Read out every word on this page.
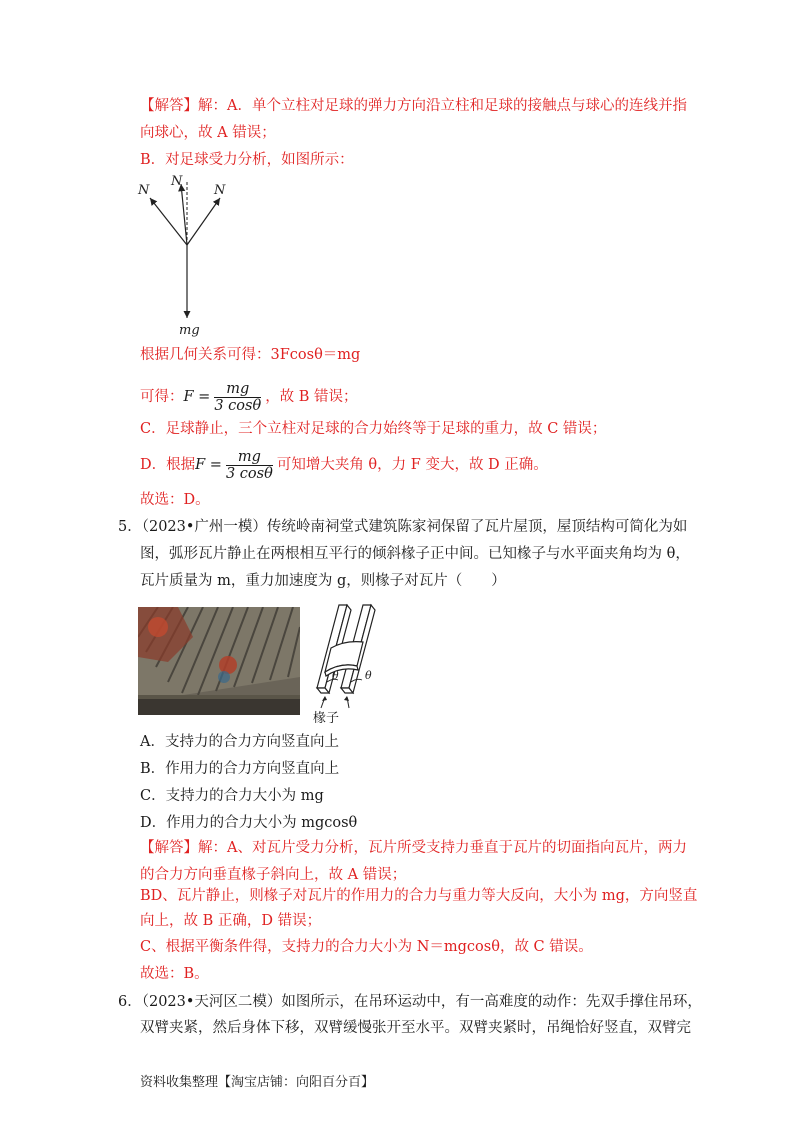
【解答】解：A．单个立柱对足球的弹力方向沿立柱和足球的接触点与球心的连线并指
向球心，故 A 错误；
B．对足球受力分析，如图所示：
N
N
N
mg
根据几何关系可得：3Fcosθ＝mg
可得：$F = \frac{mg}{3 \cos\theta}$ ，故 B 错误；
C．足球静止，三个立柱对足球的合力始终等于足球的重力，故 C 错误；
D．根据$F = \frac{mg}{3 \cos\theta}$ 可知增大夹角 θ，力 F 变大，故 D 正确。
故选：D。
5．（2023•广州一模）传统岭南祠堂式建筑陈家祠保留了瓦片屋顶，屋顶结构可简化为如
图，弧形瓦片静止在两根相互平行的倾斜椽子正中间。已知椽子与水平面夹角均为 θ，
瓦片质量为 m，重力加速度为 g，则椽子对瓦片（　　）
θ θ
椽子
A．支持力的合力方向竖直向上
B．作用力的合力方向竖直向上
C．支持力的合力大小为 mg
D．作用力的合力大小为 mgcosθ
【解答】解：A、对瓦片受力分析，瓦片所受支持力垂直于瓦片的切面指向瓦片，两力
的合力方向垂直椽子斜向上，故 A 错误；
BD、瓦片静止，则椽子对瓦片的作用力的合力与重力等大反向，大小为 mg，方向竖直
向上，故 B 正确，D 错误；
C、根据平衡条件得，支持力的合力大小为 N＝mgcosθ，故 C 错误。
故选：B。
6．（2023•天河区二模）如图所示，在吊环运动中，有一高难度的动作：先双手撑住吊环，
双臂夹紧，然后身体下移，双臂缓慢张开至水平。双臂夹紧时，吊绳恰好竖直，双臂完
资料收集整理【淘宝店铺：向阳百分百】
